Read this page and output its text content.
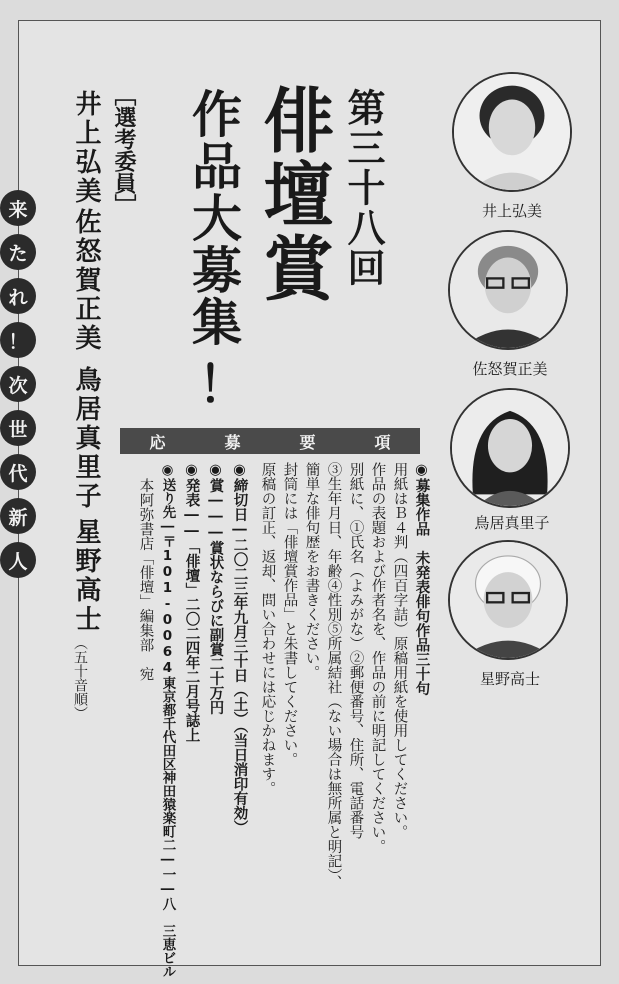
来
た
れ
！
次
世
代
新
人
第三十八回
俳壇賞
作品大募集
！
［選考委員］
井上弘美
佐怒賀正美
鳥居真里子
星野高士
（五十音順）
井上弘美
佐怒賀正美
鳥居真里子
星野高士
応	募	要	項
◉募集作品　未発表俳句作品三十句
用紙はＢ４判（四百字詰）原稿用紙を使用してください。
作品の表題および作者名を、作品の前に明記してください。
別紙に、①氏名（よみがな）②郵便番号、住所、電話番号
③生年月日、年齢④性別⑤所属結社（ない場合は無所属と明記）、
簡単な俳句歴をお書きください。
封筒には「俳壇賞作品」と朱書してください。
原稿の訂正、返却、問い合わせには応じかねます。
◉締切日―二〇二三年九月三十日（土）（当日消印有効）
◉賞―――賞状ならびに副賞二十万円
◉発表――「俳壇」二〇二四年二月号誌上
◉送り先―〒101-0064東京都千代田区神田猿楽町二―一―八　三恵ビル
本阿弥書店「俳壇」編集部　宛
